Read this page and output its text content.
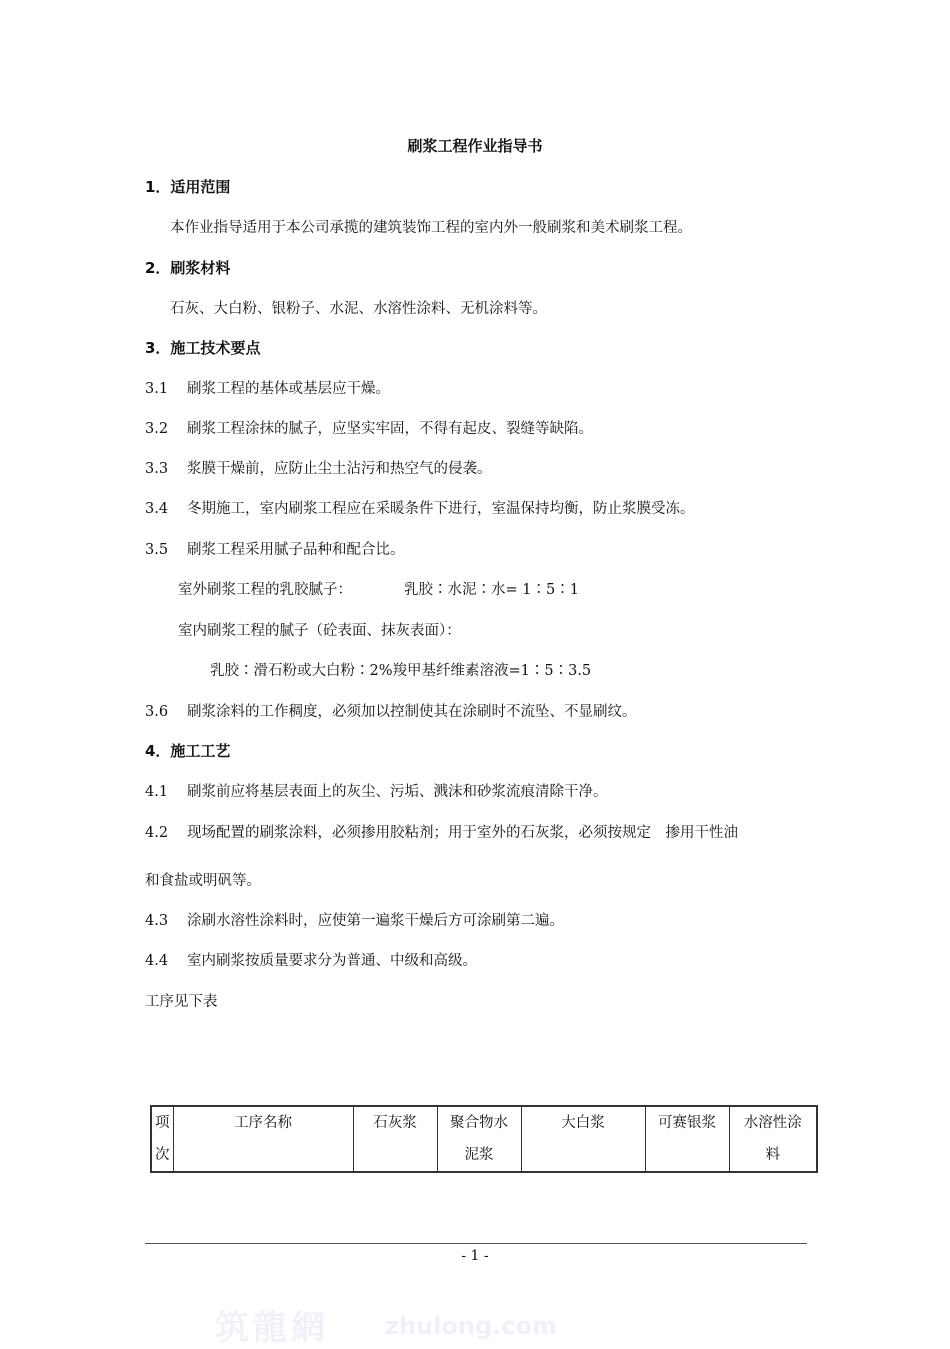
刷浆工程作业指导书
1．适用范围
本作业指导适用于本公司承揽的建筑装饰工程的室内外一般刷浆和美术刷浆工程。
2．刷浆材料
石灰、大白粉、银粉子、水泥、水溶性涂料、无机涂料等。
3．施工技术要点
3.1 刷浆工程的基体或基层应干燥。
3.2 刷浆工程涂抹的腻子，应坚实牢固，不得有起皮、裂缝等缺陷。
3.3 浆膜干燥前，应防止尘土沾污和热空气的侵袭。
3.4 冬期施工，室内刷浆工程应在采暖条件下进行，室温保持均衡，防止浆膜受冻。
3.5 刷浆工程采用腻子品种和配合比。
室外刷浆工程的乳胶腻子：	乳胶∶水泥∶水= 1∶5∶1
室内刷浆工程的腻子（砼表面、抹灰表面）：
乳胶∶滑石粉或大白粉∶2%羧甲基纤维素溶液=1∶5∶3.5
3.6 刷浆涂料的工作稠度，必须加以控制使其在涂刷时不流坠、不显刷纹。
4．施工工艺
4.1 刷浆前应将基层表面上的灰尘、污垢、溅沫和砂浆流痕清除干净。
4.2 现场配置的刷浆涂料，必须掺用胶粘剂；用于室外的石灰浆，必须按规定　掺用干性油
和食盐或明矾等。
4.3 涂刷水溶性涂料时，应使第一遍浆干燥后方可涂刷第二遍。
4.4 室内刷浆按质量要求分为普通、中级和高级。
工序见下表
项次	工序名称	石灰浆	聚合物水泥浆	大白浆	可赛银浆	水溶性涂料
- 1 -
筑龍網 zhulong.com
